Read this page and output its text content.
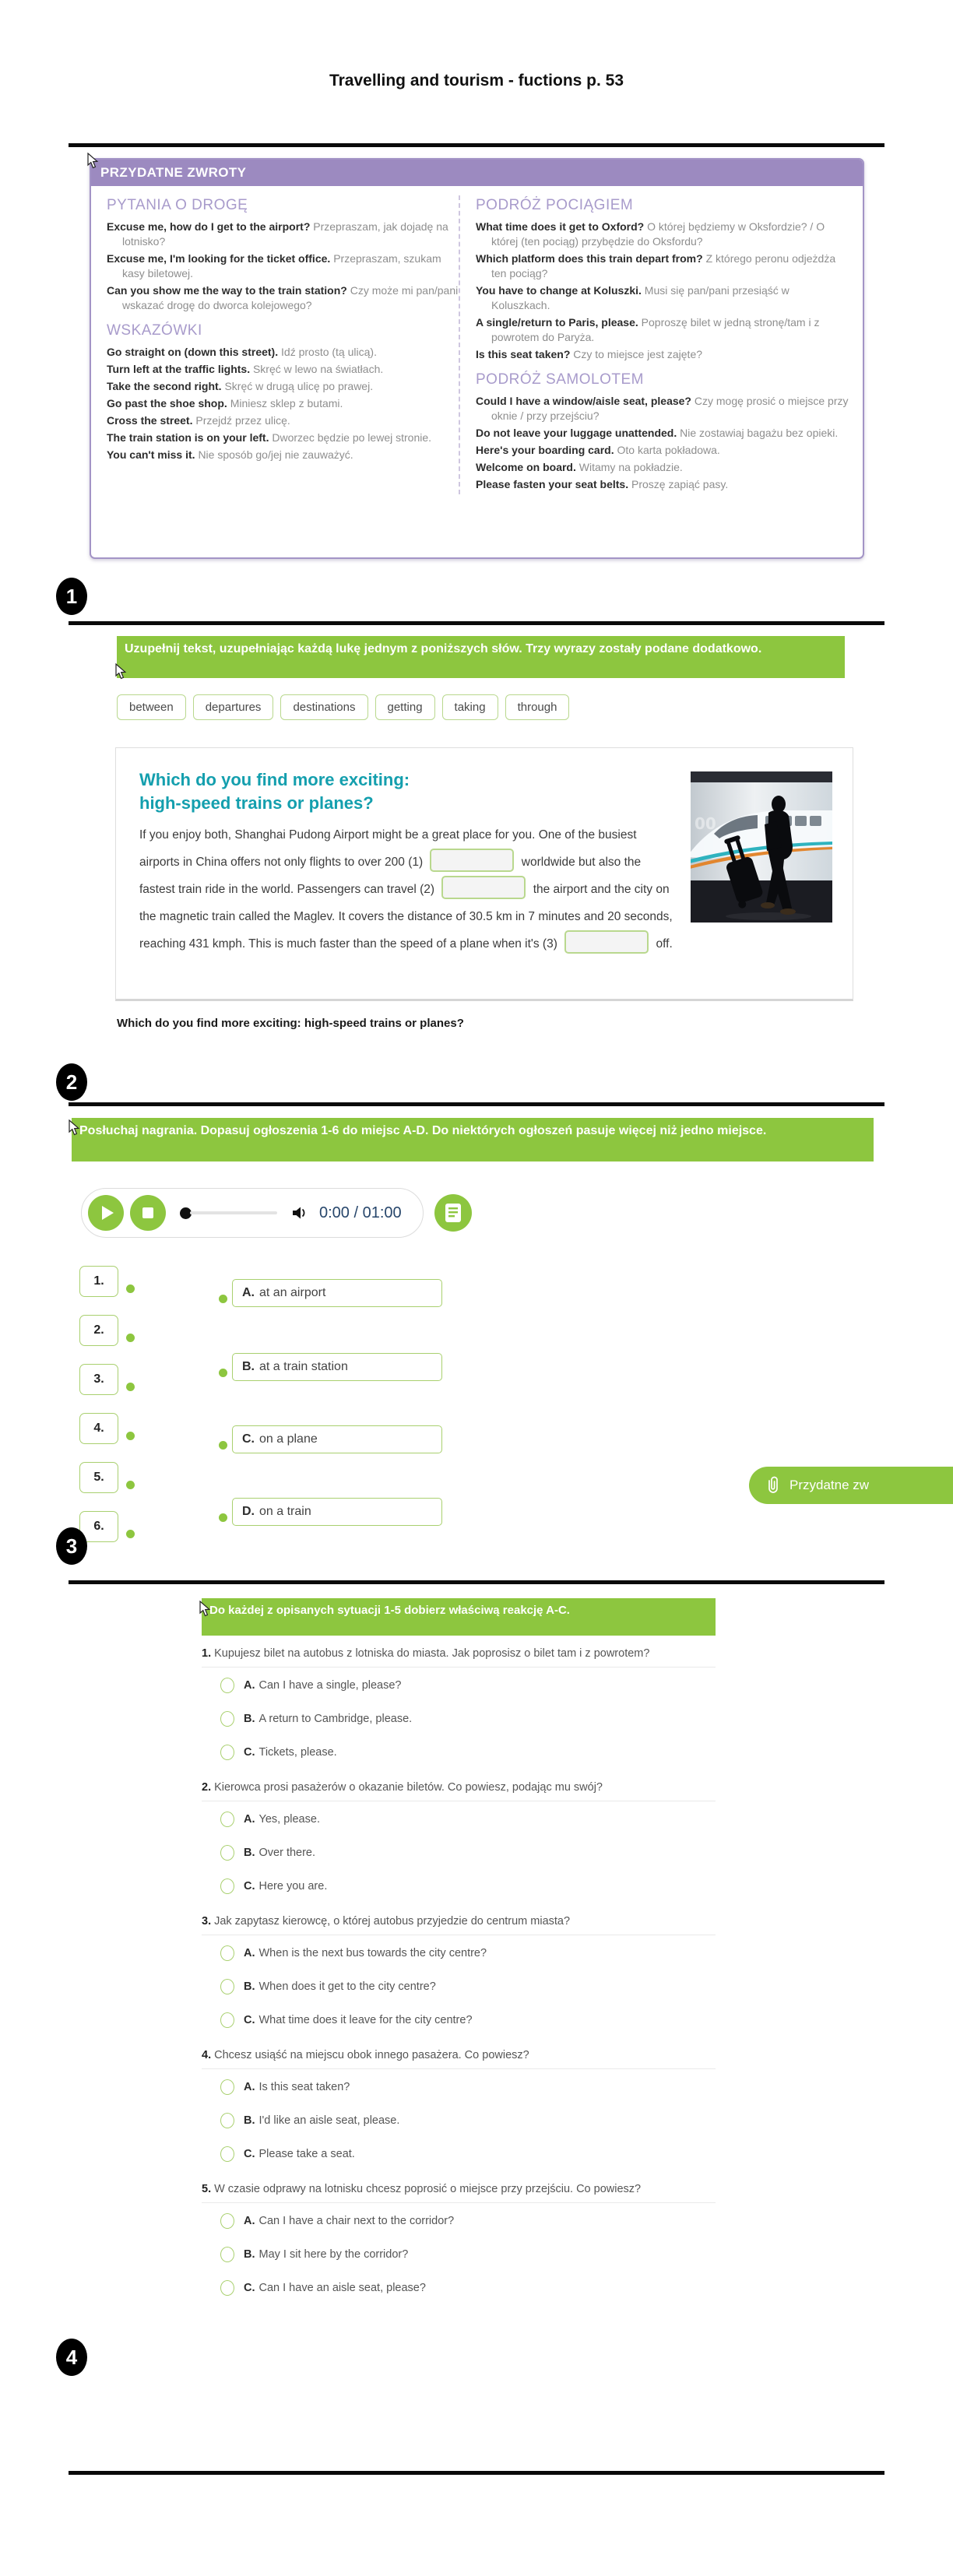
Travelling and tourism - fuctions p. 53
PRZYDATNE ZWROTY
PYTANIA O DROGĘ
Excuse me, how do I get to the airport? Przepraszam, jak dojadę na lotnisko?
Excuse me, I'm looking for the ticket office. Przepraszam, szukam kasy biletowej.
Can you show me the way to the train station? Czy może mi pan/pani wskazać drogę do dworca kolejowego?
WSKAZÓWKI
Go straight on (down this street). Idź prosto (tą ulicą).
Turn left at the traffic lights. Skręć w lewo na światłach.
Take the second right. Skręć w drugą ulicę po prawej.
Go past the shoe shop. Miniesz sklep z butami.
Cross the street. Przejdź przez ulicę.
The train station is on your left. Dworzec będzie po lewej stronie.
You can't miss it. Nie sposób go/jej nie zauważyć.
PODRÓŻ POCIĄGIEM
What time does it get to Oxford? O której będziemy w Oksfordzie? / O której (ten pociąg) przybędzie do Oksfordu?
Which platform does this train depart from? Z którego peronu odjeżdża ten pociąg?
You have to change at Koluszki. Musi się pan/pani przesiąść w Koluszkach.
A single/return to Paris, please. Poproszę bilet w jedną stronę/tam i z powrotem do Paryża.
Is this seat taken? Czy to miejsce jest zajęte?
PODRÓŻ SAMOLOTEM
Could I have a window/aisle seat, please? Czy mogę prosić o miejsce przy oknie / przy przejściu?
Do not leave your luggage unattended. Nie zostawiaj bagażu bez opieki.
Here's your boarding card. Oto karta pokładowa.
Welcome on board. Witamy na pokładzie.
Please fasten your seat belts. Proszę zapiąć pasy.
1
Uzupełnij tekst, uzupełniając każdą lukę jednym z poniższych słów. Trzy wyrazy zostały podane dodatkowo.
between	departures	destinations	getting	taking	through
00
Which do you find more exciting:
high-speed trains or planes?

If you enjoy both, Shanghai Pudong Airport might be a great place for you. One of the busiest airports in China offers not only flights to over 200 (1)	worldwide but also the fastest train ride in the world. Passengers can travel (2)	the airport and the city on the magnetic train called the Maglev. It covers the distance of 30.5 km in 7 minutes and 20 seconds, reaching 431 kmph. This is much faster than the speed of a plane when it's (3)	off.

Which do you find more exciting: high-speed trains or planes?
2
Posłuchaj nagrania. Dopasuj ogłoszenia 1-6 do miejsc A-D. Do niektórych ogłoszeń pasuje więcej niż jedno miejsce.
0:00 / 01:00
1.
2.
3.
4.
5.
6.
A. at an airport
B. at a train station
C. on a plane
D. on a train
Przydatne zw
3
Do każdej z opisanych sytuacji 1-5 dobierz właściwą reakcję A-C.
1. Kupujesz bilet na autobus z lotniska do miasta. Jak poprosisz o bilet tam i z powrotem?
A. Can I have a single, please?
B. A return to Cambridge, please.
C. Tickets, please.
2. Kierowca prosi pasażerów o okazanie biletów. Co powiesz, podając mu swój?
A. Yes, please.
B. Over there.
C. Here you are.
3. Jak zapytasz kierowcę, o której autobus przyjedzie do centrum miasta?
A. When is the next bus towards the city centre?
B. When does it get to the city centre?
C. What time does it leave for the city centre?
4. Chcesz usiąść na miejscu obok innego pasażera. Co powiesz?
A. Is this seat taken?
B. I'd like an aisle seat, please.
C. Please take a seat.
5. W czasie odprawy na lotnisku chcesz poprosić o miejsce przy przejściu. Co powiesz?
A. Can I have a chair next to the corridor?
B. May I sit here by the corridor?
C. Can I have an aisle seat, please?
4
